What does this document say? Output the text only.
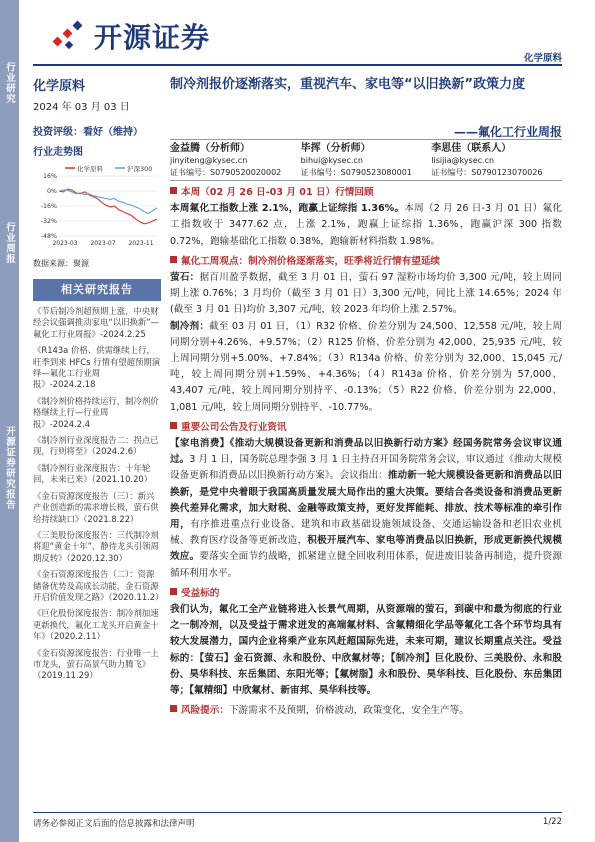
行业研究
行业周报
开源证券研究报告
开源证券
化学原料
化学原料
2024 年 03 月 03 日
投资评级：看好（维持）
行业走势图
化学原料	沪深300
16%
0%
-16%
-32%
-48%
2023-03 2023-07 2023-11
数据来源：聚源
相关研究报告
《节后制冷剂超预期上涨，中央财经会议强调推动家电“以旧换新”—氟化工行业周报》-2024.2.25
《R143a 价格、供需继续上行，旺季到来 HFCs 行情有望超预期演绎—氟化工行业周报》-2024.2.18
《制冷剂价格持续运行，制冷剂价格继续上行—行业周报》-2024.2.4
《制冷剂行业深度报告二：拐点已现，行则将至》（2024.2.6）
《制冷剂行业深度报告：十年轮回，未来已来》（2021.10.20）
《金石资源深度报告（三）：新兴产业创造新的需求增长极，萤石供给持续缺口》（2021.8.22）
《三美股份深度报告：三代制冷剂将迎“黄金十年”，静待龙头引领周期反转》（2020.12.30）
《金石资源深度报告（二）：资源储备优势及高成长动能，金石资源开启价值发现之路》（2020.11.2）
《巨化股份深度报告：制冷剂加速更新换代，氟化工龙头开启黄金十年》（2020.2.11）
《金石资源深度报告：行业唯一上市龙头，萤石高景气助力腾飞》（2019.11.29）
制冷剂报价逐渐落实，重视汽车、家电等“以旧换新”政策力度
——氟化工行业周报
金益腾（分析师）
jinyiteng@kysec.cn
证书编号：S0790520020002
毕挥（分析师）
bihui@kysec.cn
证书编号：S0790523080001
李思佳（联系人）
lisijia@kysec.cn
证书编号：S0790123070026

本周（02 月 26 日-03 月 01 日）行情回顾

本周氟化工指数上涨 2.1%，跑赢上证综指 1.36%。本周（2 月 26 日-3 月 01 日）氟化工指数收于 3477.62 点，上涨 2.1%，跑赢上证综指 1.36%，跑赢沪深 300 指数 0.72%，跑输基础化工指数 0.38%，跑输新材料指数 1.98%。

氟化工周观点：制冷剂价格逐渐落实，旺季将近行情有望延续

萤石：据百川盈孚数据，截至 3 月 01 日，萤石 97 湿粉市场均价 3,300 元/吨，较上周同期上涨 0.76%；3 月均价（截至 3 月 01 日）3,300 元/吨，同比上涨 14.65%；2024 年(截至 3 月 01 日)均价 3,307 元/吨，较 2023 年均价上涨 2.57%。

制冷剂：截至 03 月 01 日，（1）R32 价格、价差分别为 24,500、12,558 元/吨，较上周同期分别+4.26%、+9.57%；（2）R125 价格、价差分别为 42,000、25,935 元/吨，较上周同期分别+5.00%、+7.84%；（3）R134a 价格、价差分别为 32,000、15,045 元/吨，较上周同期分别+1.59%、+4.36%；（4）R143a 价格、价差分别为 57,000、43,407 元/吨，较上周同期分别持平、-0.13%；（5）R22 价格、价差分别为 22,000、1,081 元/吨，较上周同期分别持平、-10.77%。

重要公司公告及行业资讯

【家电消费】《推动大规模设备更新和消费品以旧换新行动方案》经国务院常务会议审议通过。3 月 1 日，国务院总理李强 3 月 1 日主持召开国务院常务会议，审议通过《推动大规模设备更新和消费品以旧换新行动方案》。会议指出：推动新一轮大规模设备更新和消费品以旧换新，是党中央着眼于我国高质量发展大局作出的重大决策。要结合各类设备和消费品更新换代差异化需求，加大财税、金融等政策支持，更好发挥能耗、排放、技术等标准的牵引作用，有序推进重点行业设备、建筑和市政基础设施领域设备、交通运输设备和老旧农业机械、教育医疗设备等更新改造，积极开展汽车、家电等消费品以旧换新，形成更新换代规模效应。要落实全面节约战略，抓紧建立健全回收利用体系，促进废旧装备再制造，提升资源循环利用水平。

受益标的

我们认为，氟化工全产业链将进入长景气周期，从资源端的萤石，到碳中和最为彻底的行业之一制冷剂，以及受益于需求迸发的高端氟材料、含氟精细化学品等氟化工各个环节均具有较大发展潜力，国内企业将乘产业东风赶超国际先进，未来可期，建议长期重点关注。受益标的：【萤石】金石资源、永和股份、中欣氟材等；【制冷剂】巨化股份、三美股份、永和股份、昊华科技、东岳集团、东阳光等；【氟树脂】永和股份、昊华科技、巨化股份、东岳集团等；【氟精细】中欣氟材、新宙邦、昊华科技等。

风险提示：下游需求不及预期，价格波动，政策变化，安全生产等。

请务必参阅正文后面的信息披露和法律声明	1/22
